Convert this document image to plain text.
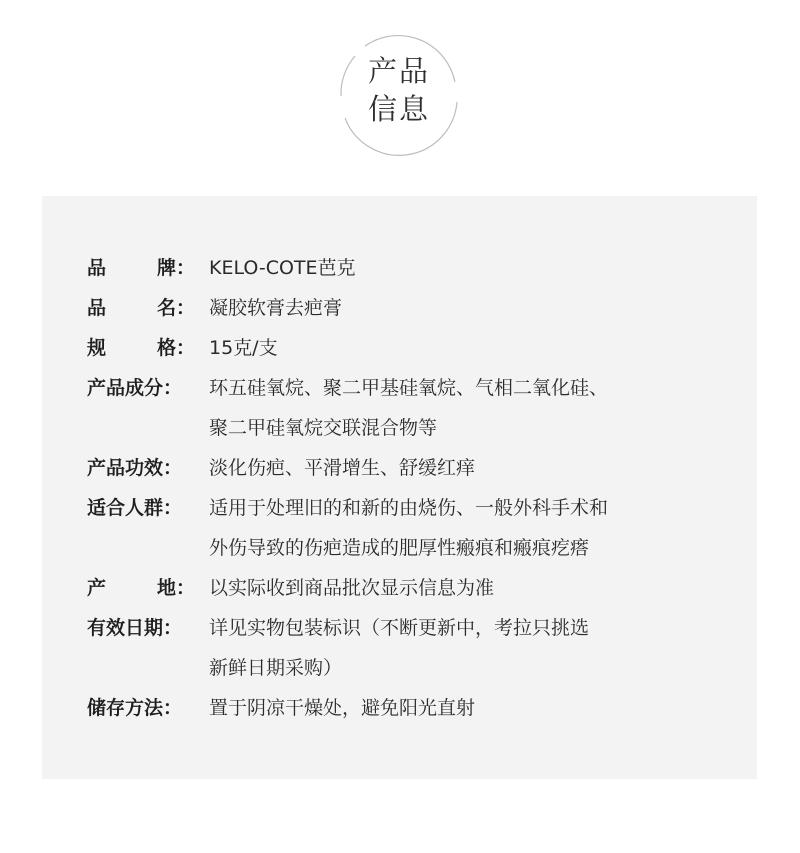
产品
信息
品	牌： KELO-COTE芭克
品	名： 凝胶软膏去疤膏
规	格： 15克/支
产品成分： 环五硅氧烷、聚二甲基硅氧烷、气相二氧化硅、
聚二甲硅氧烷交联混合物等
产品功效： 淡化伤疤、平滑增生、舒缓红痒
适合人群： 适用于处理旧的和新的由烧伤、一般外科手术和
外伤导致的伤疤造成的肥厚性瘢痕和瘢痕疙瘩
产	地： 以实际收到商品批次显示信息为准
有效日期： 详见实物包装标识（不断更新中，考拉只挑选
新鲜日期采购）
储存方法： 置于阴凉干燥处，避免阳光直射
